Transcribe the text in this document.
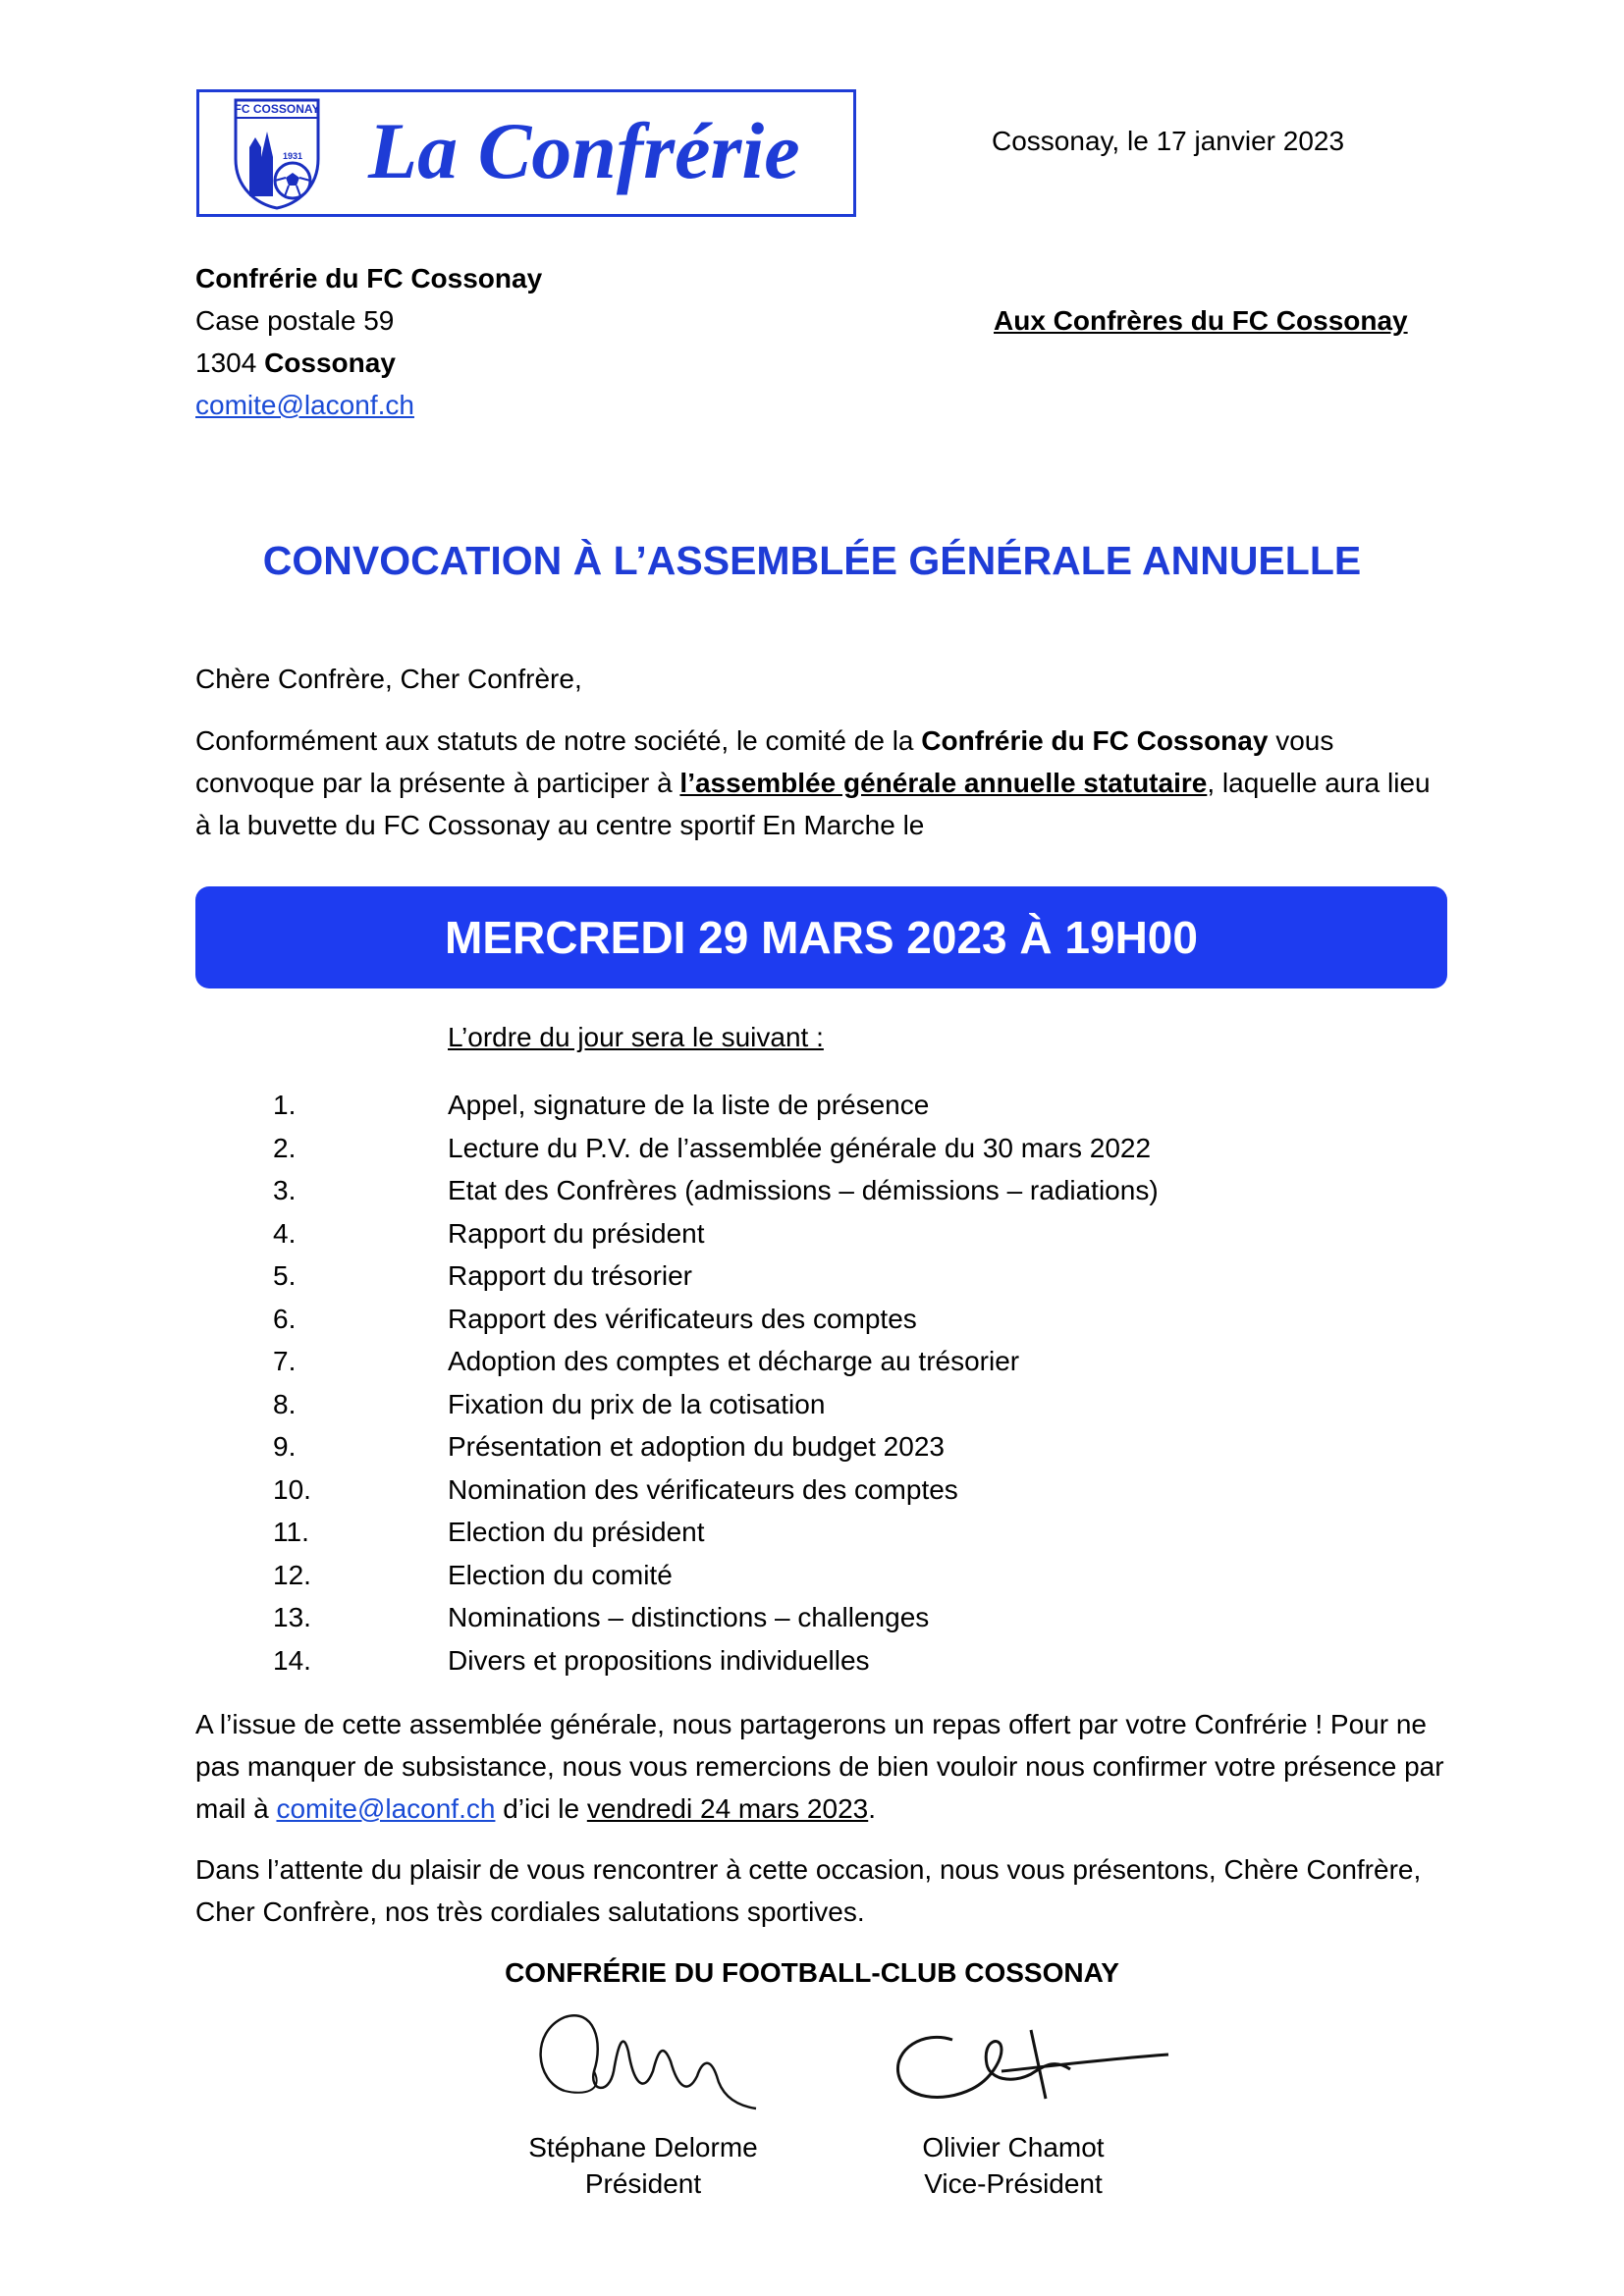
FC COSSONAY
1931 La Confrérie	Cossonay, le 17 janvier 2023
Confrérie du FC Cossonay
Case postale 59
1304 Cossonay
comite@laconf.ch
Aux Confrères du FC Cossonay
CONVOCATION À L’ASSEMBLÉE GÉNÉRALE ANNUELLE
Chère Confrère, Cher Confrère,
Conformément aux statuts de notre société, le comité de la Confrérie du FC Cossonay vous convoque par la présente à participer à l’assemblée générale annuelle statutaire, laquelle aura lieu à la buvette du FC Cossonay au centre sportif En Marche le
MERCREDI 29 MARS 2023 À 19H00
L’ordre du jour sera le suivant :
1.	Appel, signature de la liste de présence
2.	Lecture du P.V. de l’assemblée générale du 30 mars 2022
3.	Etat des Confrères (admissions – démissions – radiations)
4.	Rapport du président
5.	Rapport du trésorier
6.	Rapport des vérificateurs des comptes
7.	Adoption des comptes et décharge au trésorier
8.	Fixation du prix de la cotisation
9.	Présentation et adoption du budget 2023
10.	Nomination des vérificateurs des comptes
11.	Election du président
12.	Election du comité
13.	Nominations – distinctions – challenges
14.	Divers et propositions individuelles
A l’issue de cette assemblée générale, nous partagerons un repas offert par votre Confrérie ! Pour ne pas manquer de subsistance, nous vous remercions de bien vouloir nous confirmer votre présence par mail à comite@laconf.ch d’ici le vendredi 24 mars 2023.
Dans l’attente du plaisir de vous rencontrer à cette occasion, nous vous présentons, Chère Confrère, Cher Confrère, nos très cordiales salutations sportives.
CONFRÉRIE DU FOOTBALL-CLUB COSSONAY
Stéphane Delorme
Président
Olivier Chamot
Vice-Président
